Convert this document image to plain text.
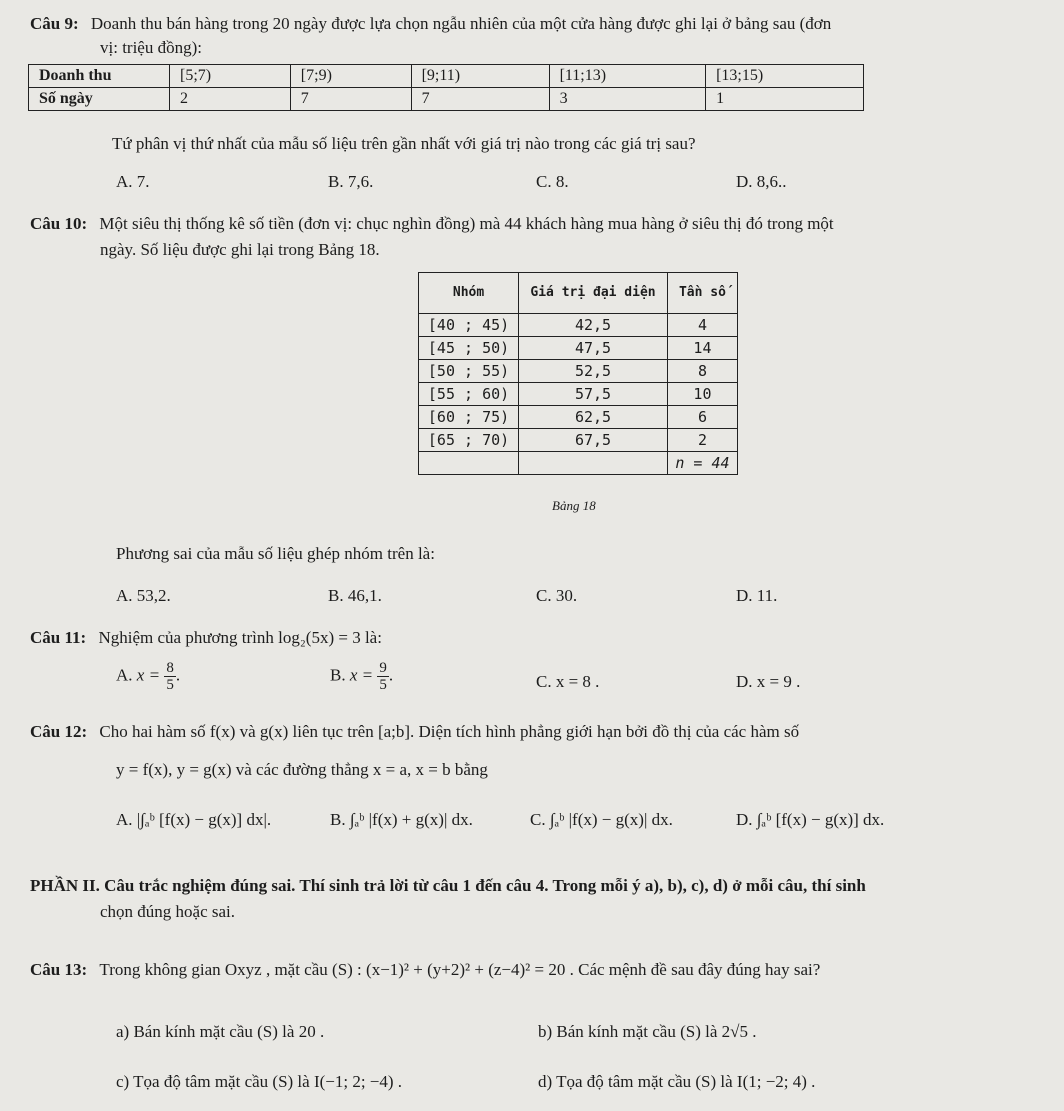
Câu 9: Doanh thu bán hàng trong 20 ngày được lựa chọn ngẫu nhiên của một cửa hàng được ghi lại ở bảng sau (đơn
vị: triệu đồng):
Doanh thu	[5;7)	[7;9)	[9;11)	[11;13)	[13;15)
Số ngày	2	7	7	3	1
Tứ phân vị thứ nhất của mẫu số liệu trên gần nhất với giá trị nào trong các giá trị sau?
A. 7.	B. 7,6.	C. 8.	D. 8,6..
Câu 10: Một siêu thị thống kê số tiền (đơn vị: chục nghìn đồng) mà 44 khách hàng mua hàng ở siêu thị đó trong một
ngày. Số liệu được ghi lại trong Bảng 18.
Nhóm	Giá trị đại diện	Tần số
[40 ; 45)	42,5	4
[45 ; 50)	47,5	14
[50 ; 55)	52,5	8
[55 ; 60)	57,5	10
[60 ; 75)	62,5	6
[65 ; 70)	67,5	2
		n = 44
Bảng 18
Phương sai của mẫu số liệu ghép nhóm trên là:
A. 53,2.	B. 46,1.	C. 30.	D. 11.
Câu 11: Nghiệm của phương trình log₂(5x) = 3 là:
A. $x = \frac{8}{5}$ .	B. $x = \frac{9}{5}$ .	C. x = 8 .	D. x = 9 .
Câu 12: Cho hai hàm số f(x) và g(x) liên tục trên [a;b]. Diện tích hình phẳng giới hạn bởi đồ thị của các hàm số
y = f(x), y = g(x) và các đường thẳng x = a, x = b bằng
A. |∫ₐᵇ [f(x) − g(x)] dx|.	B. ∫ₐᵇ |f(x) + g(x)| dx.	C. ∫ₐᵇ |f(x) − g(x)| dx.	D. ∫ₐᵇ [f(x) − g(x)] dx.
PHẦN II. Câu trắc nghiệm đúng sai. Thí sinh trả lời từ câu 1 đến câu 4. Trong mỗi ý a), b), c), d) ở mỗi câu, thí sinh
chọn đúng hoặc sai.
Câu 13: Trong không gian Oxyz , mặt cầu (S) : (x−1)² + (y+2)² + (z−4)² = 20 . Các mệnh đề sau đây đúng hay sai?
a) Bán kính mặt cầu (S) là 20 .	b) Bán kính mặt cầu (S) là 2√5 .
c) Tọa độ tâm mặt cầu (S) là I(−1; 2; −4) .	d) Tọa độ tâm mặt cầu (S) là I(1; −2; 4) .
